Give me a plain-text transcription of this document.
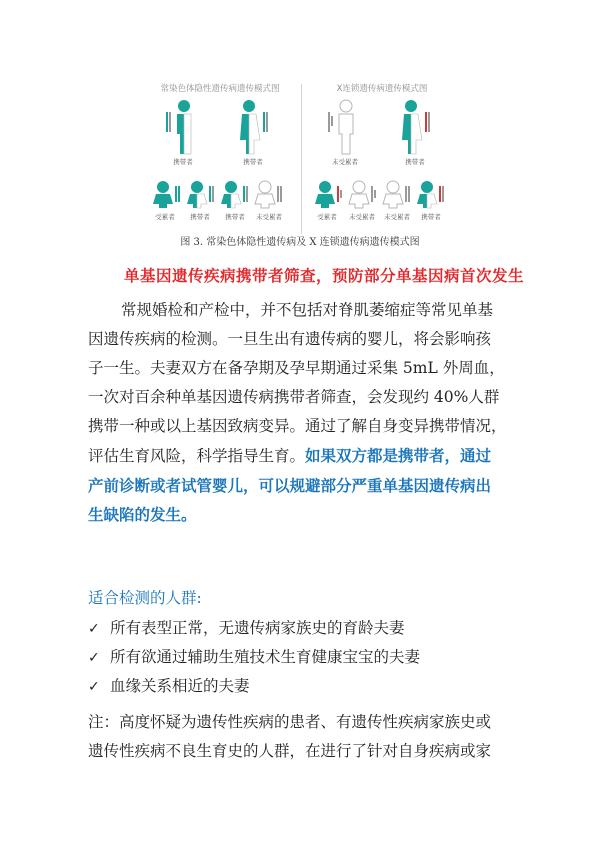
常染色体隐性遗传病遗传模式图
携带者	携带者
受累者	携带者	携带者	未受累者
X连锁遗传病遗传模式图
未受累者	携带者
受累者	未受累者	未受累者	携带者
图 3. 常染色体隐性遗传病及 X 连锁遗传病遗传模式图
单基因遗传疾病携带者筛查，预防部分单基因病首次发生
常规婚检和产检中，并不包括对脊肌萎缩症等常见单基
因遗传疾病的检测。一旦生出有遗传病的婴儿，将会影响孩
子一生。夫妻双方在备孕期及孕早期通过采集 5mL 外周血，
一次对百余种单基因遗传病携带者筛查，会发现约 40%人群
携带一种或以上基因致病变异。通过了解自身变异携带情况，
评估生育风险，科学指导生育。如果双方都是携带者，通过
产前诊断或者试管婴儿，可以规避部分严重单基因遗传病出
生缺陷的发生。
适合检测的人群:
✓ 所有表型正常，无遗传病家族史的育龄夫妻
✓ 所有欲通过辅助生殖技术生育健康宝宝的夫妻
✓ 血缘关系相近的夫妻
注：高度怀疑为遗传性疾病的患者、有遗传性疾病家族史或
遗传性疾病不良生育史的人群，在进行了针对自身疾病或家
